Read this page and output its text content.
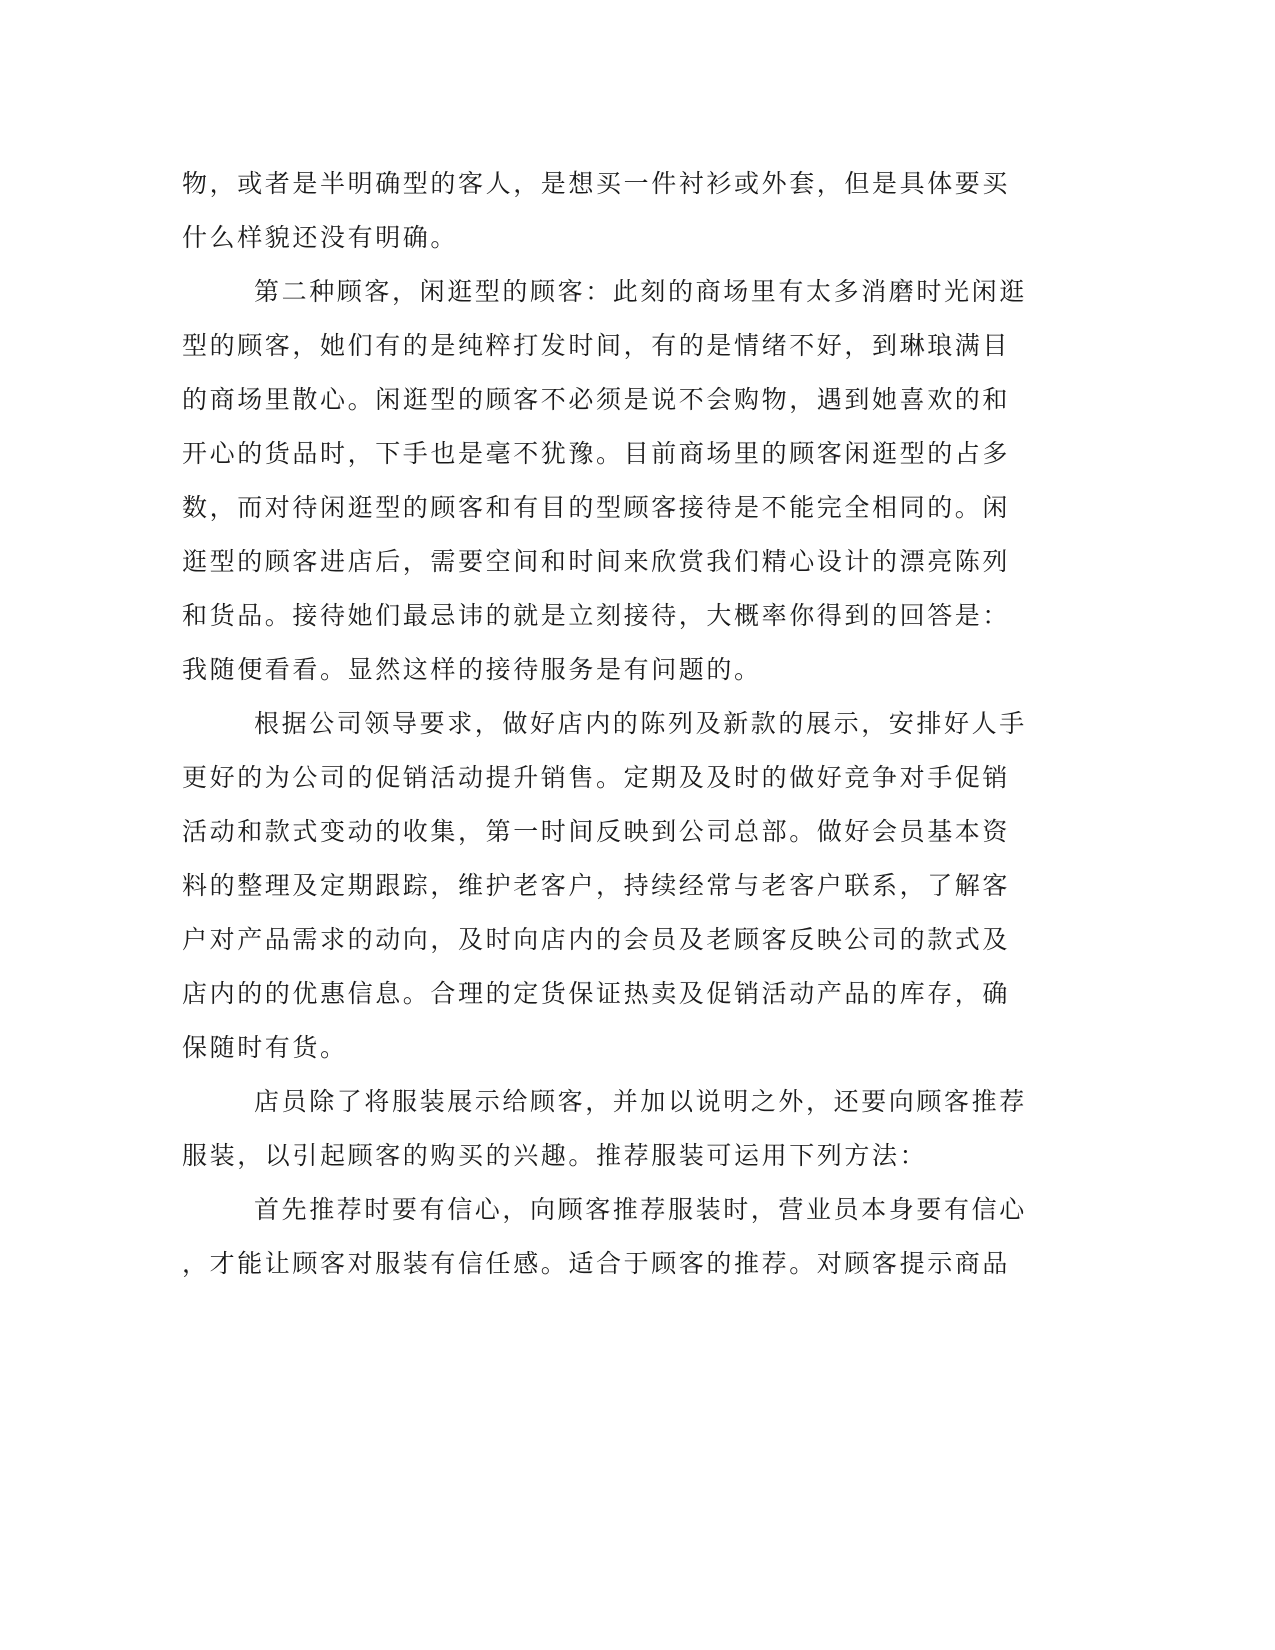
物，或者是半明确型的客人，是想买一件衬衫或外套，但是具体要买
什么样貌还没有明确。
第二种顾客，闲逛型的顾客：此刻的商场里有太多消磨时光闲逛
型的顾客，她们有的是纯粹打发时间，有的是情绪不好，到琳琅满目
的商场里散心。闲逛型的顾客不必须是说不会购物，遇到她喜欢的和
开心的货品时，下手也是毫不犹豫。目前商场里的顾客闲逛型的占多
数，而对待闲逛型的顾客和有目的型顾客接待是不能完全相同的。闲
逛型的顾客进店后，需要空间和时间来欣赏我们精心设计的漂亮陈列
和货品。接待她们最忌讳的就是立刻接待，大概率你得到的回答是：
我随便看看。显然这样的接待服务是有问题的。
根据公司领导要求，做好店内的陈列及新款的展示，安排好人手
更好的为公司的促销活动提升销售。定期及及时的做好竞争对手促销
活动和款式变动的收集，第一时间反映到公司总部。做好会员基本资
料的整理及定期跟踪，维护老客户，持续经常与老客户联系，了解客
户对产品需求的动向，及时向店内的会员及老顾客反映公司的款式及
店内的的优惠信息。合理的定货保证热卖及促销活动产品的库存，确
保随时有货。
店员除了将服装展示给顾客，并加以说明之外，还要向顾客推荐
服装，以引起顾客的购买的兴趣。推荐服装可运用下列方法：
首先推荐时要有信心，向顾客推荐服装时，营业员本身要有信心
，才能让顾客对服装有信任感。适合于顾客的推荐。对顾客提示商品
